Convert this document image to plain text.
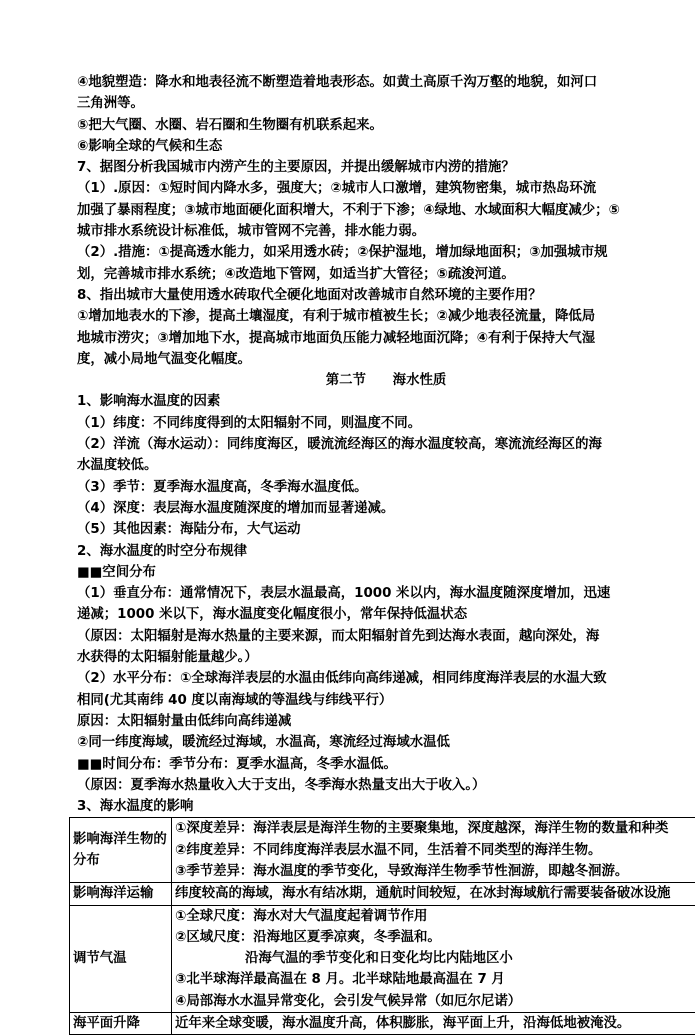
④地貌塑造：降水和地表径流不断塑造着地表形态。如黄土高原千沟万壑的地貌，如河口
三角洲等。
⑤把大气圈、水圈、岩石圈和生物圈有机联系起来。
⑥影响全球的气候和生态
7、据图分析我国城市内涝产生的主要原因，并提出缓解城市内涝的措施？
（1）.原因：①短时间内降水多，强度大；②城市人口激增，建筑物密集，城市热岛环流
加强了暴雨程度；③城市地面硬化面积增大，不利于下渗；④绿地、水域面积大幅度减少；⑤
城市排水系统设计标准低，城市管网不完善，排水能力弱。
（2）.措施：①提高透水能力，如采用透水砖；②保护湿地，增加绿地面积；③加强城市规
划，完善城市排水系统；④改造地下管网，如适当扩大管径；⑤疏浚河道。
8、指出城市大量使用透水砖取代全硬化地面对改善城市自然环境的主要作用？
①增加地表水的下渗，提高土壤湿度，有利于城市植被生长；②减少地表径流量，降低局
地城市涝灾；③增加地下水，提高城市地面负压能力减轻地面沉降；④有利于保持大气湿
度，减小局地气温变化幅度。
第二节　　海水性质
1、影响海水温度的因素
（1）纬度：不同纬度得到的太阳辐射不同，则温度不同。
（2）洋流（海水运动）：同纬度海区，暖流流经海区的海水温度较高，寒流流经海区的海
水温度较低。
（3）季节：夏季海水温度高，冬季海水温度低。
（4）深度：表层海水温度随深度的增加而显著递减。
（5）其他因素：海陆分布，大气运动
2、海水温度的时空分布规律
■■空间分布
（1）垂直分布：通常情况下，表层水温最高，1000 米以内，海水温度随深度增加，迅速
递减；1000 米以下，海水温度变化幅度很小，常年保持低温状态
（原因：太阳辐射是海水热量的主要来源，而太阳辐射首先到达海水表面，越向深处，海
水获得的太阳辐射能量越少。）
（2）水平分布：①全球海洋表层的水温由低纬向高纬递减，相同纬度海洋表层的水温大致
相同(尤其南纬 40 度以南海域的等温线与纬线平行）
原因：太阳辐射量由低纬向高纬递减
②同一纬度海域，暖流经过海域，水温高，寒流经过海域水温低
■■时间分布：季节分布：夏季水温高，冬季水温低。
（原因：夏季海水热量收入大于支出，冬季海水热量支出大于收入。）
3、海水温度的影响
影响海洋生物的分布	①深度差异：海洋表层是海洋生物的主要聚集地，深度越深，海洋生物的数量和种类
②纬度差异：不同纬度海洋表层水温不同，生活着不同类型的海洋生物。
③季节差异：海水温度的季节变化，导致海洋生物季节性洄游，即越冬洄游。

影响海洋运输	纬度较高的海域，海水有结冰期，通航时间较短，在冰封海域航行需要装备破冰设施

调节气温	①全球尺度：海水对大气温度起着调节作用
②区域尺度：沿海地区夏季凉爽，冬季温和。
沿海气温的季节变化和日变化均比内陆地区小
③北半球海洋最高温在 8 月。北半球陆地最高温在 7 月
④局部海水水温异常变化，会引发气候异常（如厄尔尼诺）

海平面升降	近年来全球变暖，海水温度升高，体积膨胀，海平面上升，沿海低地被淹没。
